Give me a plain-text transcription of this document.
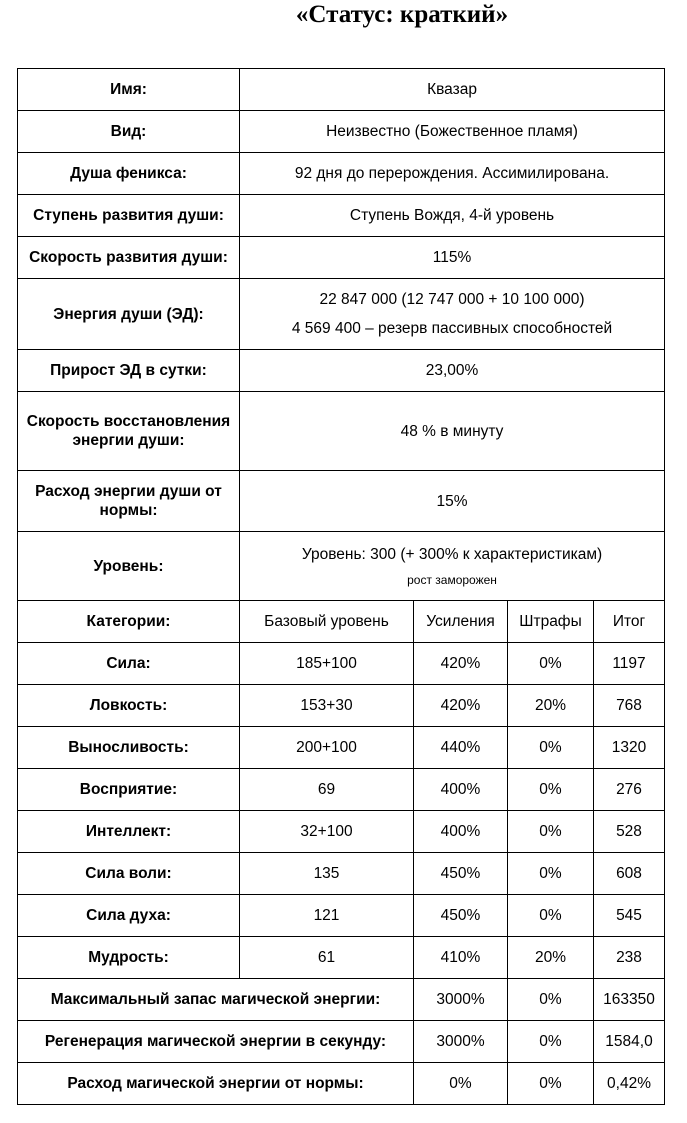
«Статус: краткий»
Имя:	Квазар			
Вид:	Неизвестно (Божественное пламя)			
Душа феникса:	92 дня до перерождения. Ассимилирована.			
Ступень развития души:	Ступень Вождя, 4-й уровень			
Скорость развития души:	115%			
Энергия души (ЭД):	22 847 000 (12 747 000 + 10 100 000)
4 569 400 – резерв пассивных способностей			

Прирост ЭД в сутки:	23,00%			
Скорость восстановления энергии души:	48 % в минуту			
Расход энергии души от нормы:	15%			
Уровень:	Уровень: 300 (+ 300% к характеристикам)
рост заморожен			

Категории:	Базовый уровень	Усиления	Штрафы	Итог
Сила:	185+100	420%	0%	1197
Ловкость:	153+30	420%	20%	768
Выносливость:	200+100	440%	0%	1320
Восприятие:	69	400%	0%	276
Интеллект:	32+100	400%	0%	528
Сила воли:	135	450%	0%	608
Сила духа:	121	450%	0%	545
Мудрость:	61	410%	20%	238
Максимальный запас магической энергии:		3000%	0%	163350
Регенерация магической энергии в секунду:		3000%	0%	1584,0
Расход магической энергии от нормы:		0%	0%	0,42%
